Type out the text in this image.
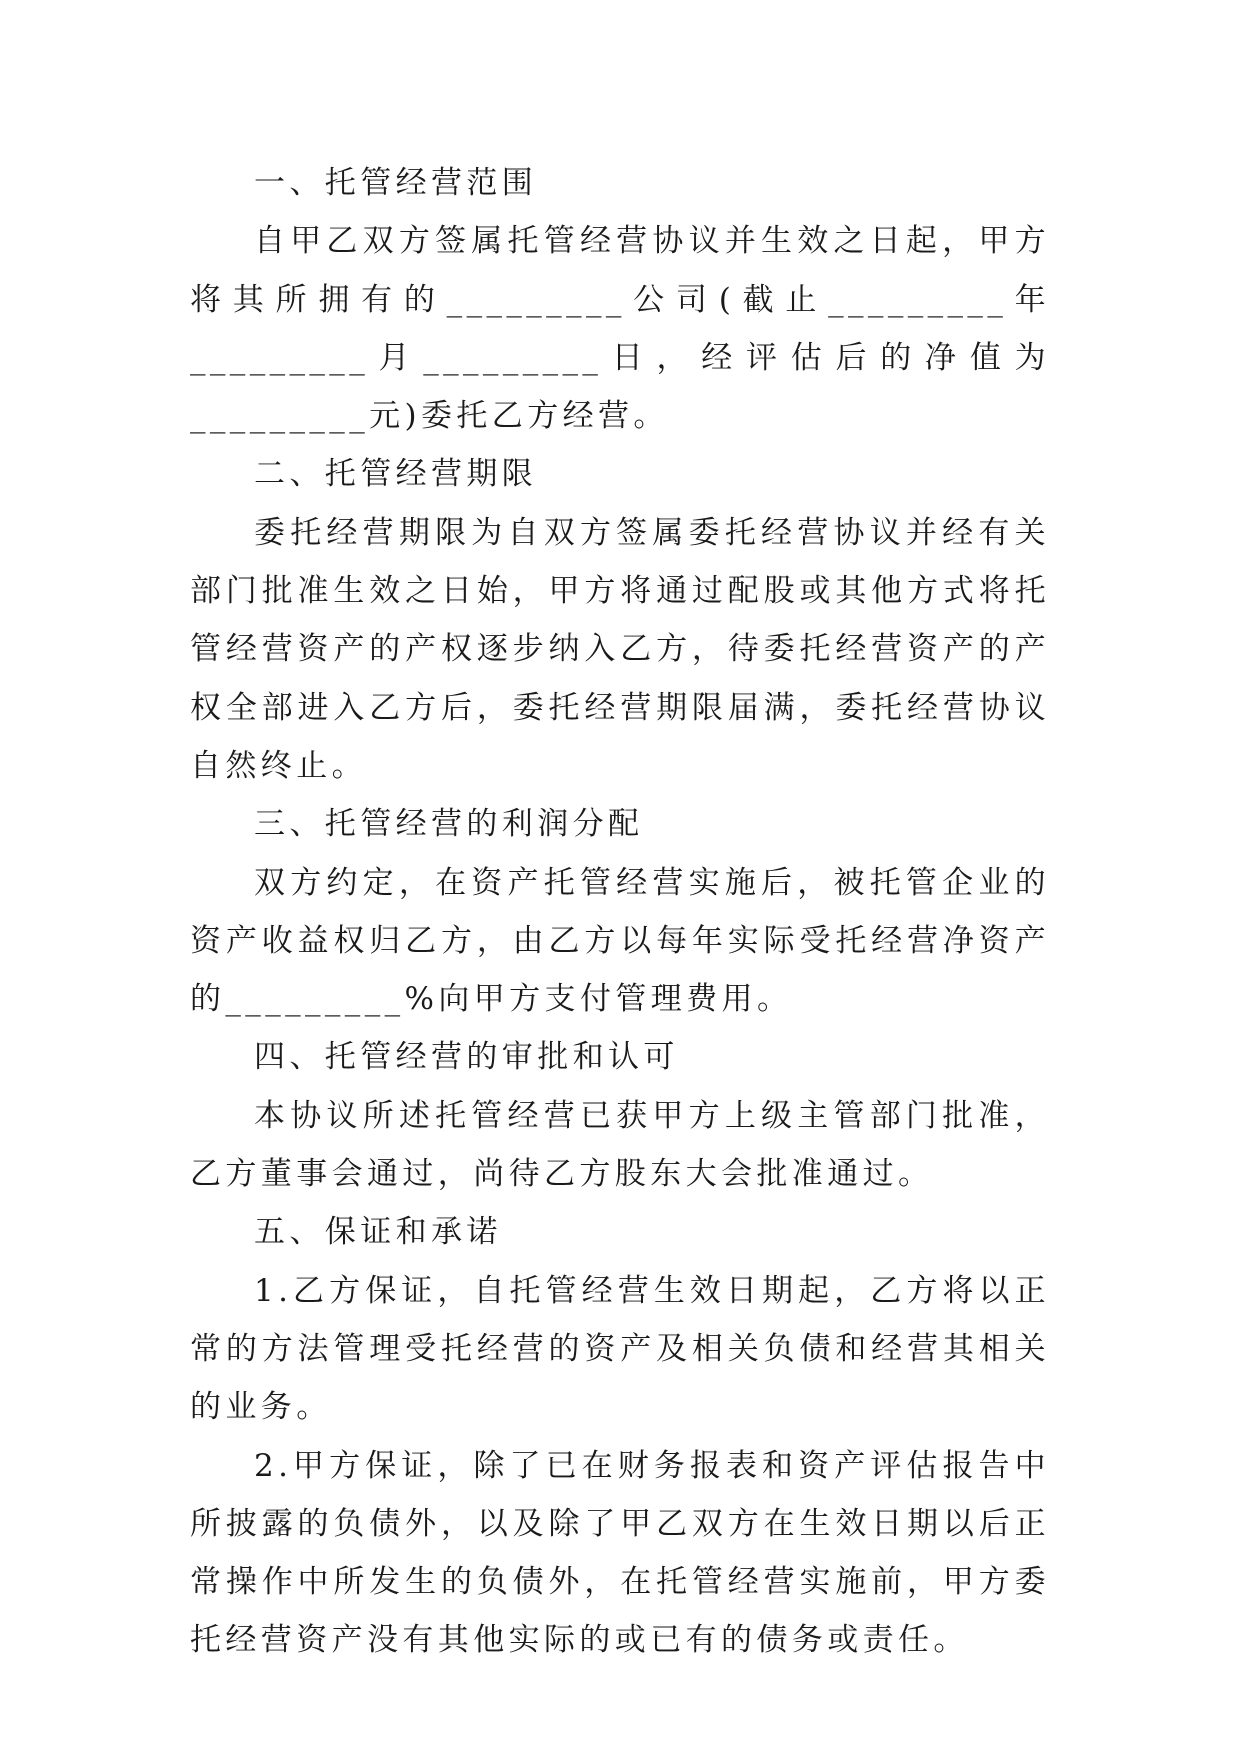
一、托管经营范围

自甲乙双方签属托管经营协议并生效之日起，甲方将其所拥有的_________公司(截止_________年_________月_________日，经评估后的净值为_________元)委托乙方经营。

二、托管经营期限

委托经营期限为自双方签属委托经营协议并经有关部门批准生效之日始，甲方将通过配股或其他方式将托管经营资产的产权逐步纳入乙方，待委托经营资产的产权全部进入乙方后，委托经营期限届满，委托经营协议自然终止。

三、托管经营的利润分配

双方约定，在资产托管经营实施后，被托管企业的资产收益权归乙方，由乙方以每年实际受托经营净资产的_________%向甲方支付管理费用。

四、托管经营的审批和认可

本协议所述托管经营已获甲方上级主管部门批准，乙方董事会通过，尚待乙方股东大会批准通过。

五、保证和承诺

1.乙方保证，自托管经营生效日期起，乙方将以正常的方法管理受托经营的资产及相关负债和经营其相关的业务。

2.甲方保证，除了已在财务报表和资产评估报告中所披露的负债外，以及除了甲乙双方在生效日期以后正常操作中所发生的负债外，在托管经营实施前，甲方委托经营资产没有其他实际的或已有的债务或责任。
